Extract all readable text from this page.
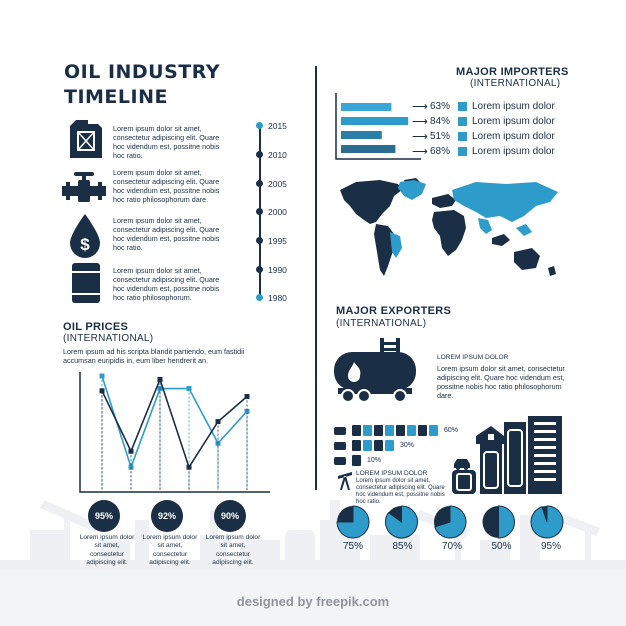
OIL INDUSTRY
TIMELINE
Lorem ipsum dolor sit amet, consectetur adipiscing elit. Quare hoc videndum est, possitne nobis hoc ratio.
Lorem ipsum dolor sit amet, consectetur adipiscing elit. Quare hoc videndum est, possitne nobis hoc ratio philosophorum dare.
$
Lorem ipsum dolor sit amet, consectetur adipiscing elit. Quare hoc videndum est, possitne nobis hoc ratio.
Lorem ipsum dolor sit amet, consectetur adipiscing elit. Quare hoc videndum est, possitne nobis hoc ratio philosophorum.
2015
2010
2005
2000
1995
1990
1980
OIL PRICES
(INTERNATIONAL)
Lorem ipsum ad his scripta blandit partiendo, eum fastidii accumsan euripidis in, eum liber hendrerit an.
95%	92%	90%
Lorem ipsum dolor sit amet, consectetur adipiscing elit.
Lorem ipsum dolor sit amet, consectetur adipiscing elit.
Lorem ipsum dolor sit amet, consectetur adipiscing elit.
MAJOR IMPORTERS
(INTERNATIONAL)
⟶ 63% Lorem ipsum dolor
⟶ 84% Lorem ipsum dolor
⟶ 51% Lorem ipsum dolor
⟶ 68% Lorem ipsum dolor
MAJOR EXPORTERS
(INTERNATIONAL)
LOREM IPSUM DOLOR
Lorem ipsum dolor sit amet, consectetur adipiscing elit. Quare hoc videndum est, possitne nobis hoc ratio philosophorum dare.
60%
30%
10%
LOREM IPSUM DOLOR
Lorem ipsum dolor sit amet, consectetur adipiscing elit. Quare hoc videndum est, possitne nobis hoc ratio.
75%	85%	70%	50%	95%
designed by freepik.com
